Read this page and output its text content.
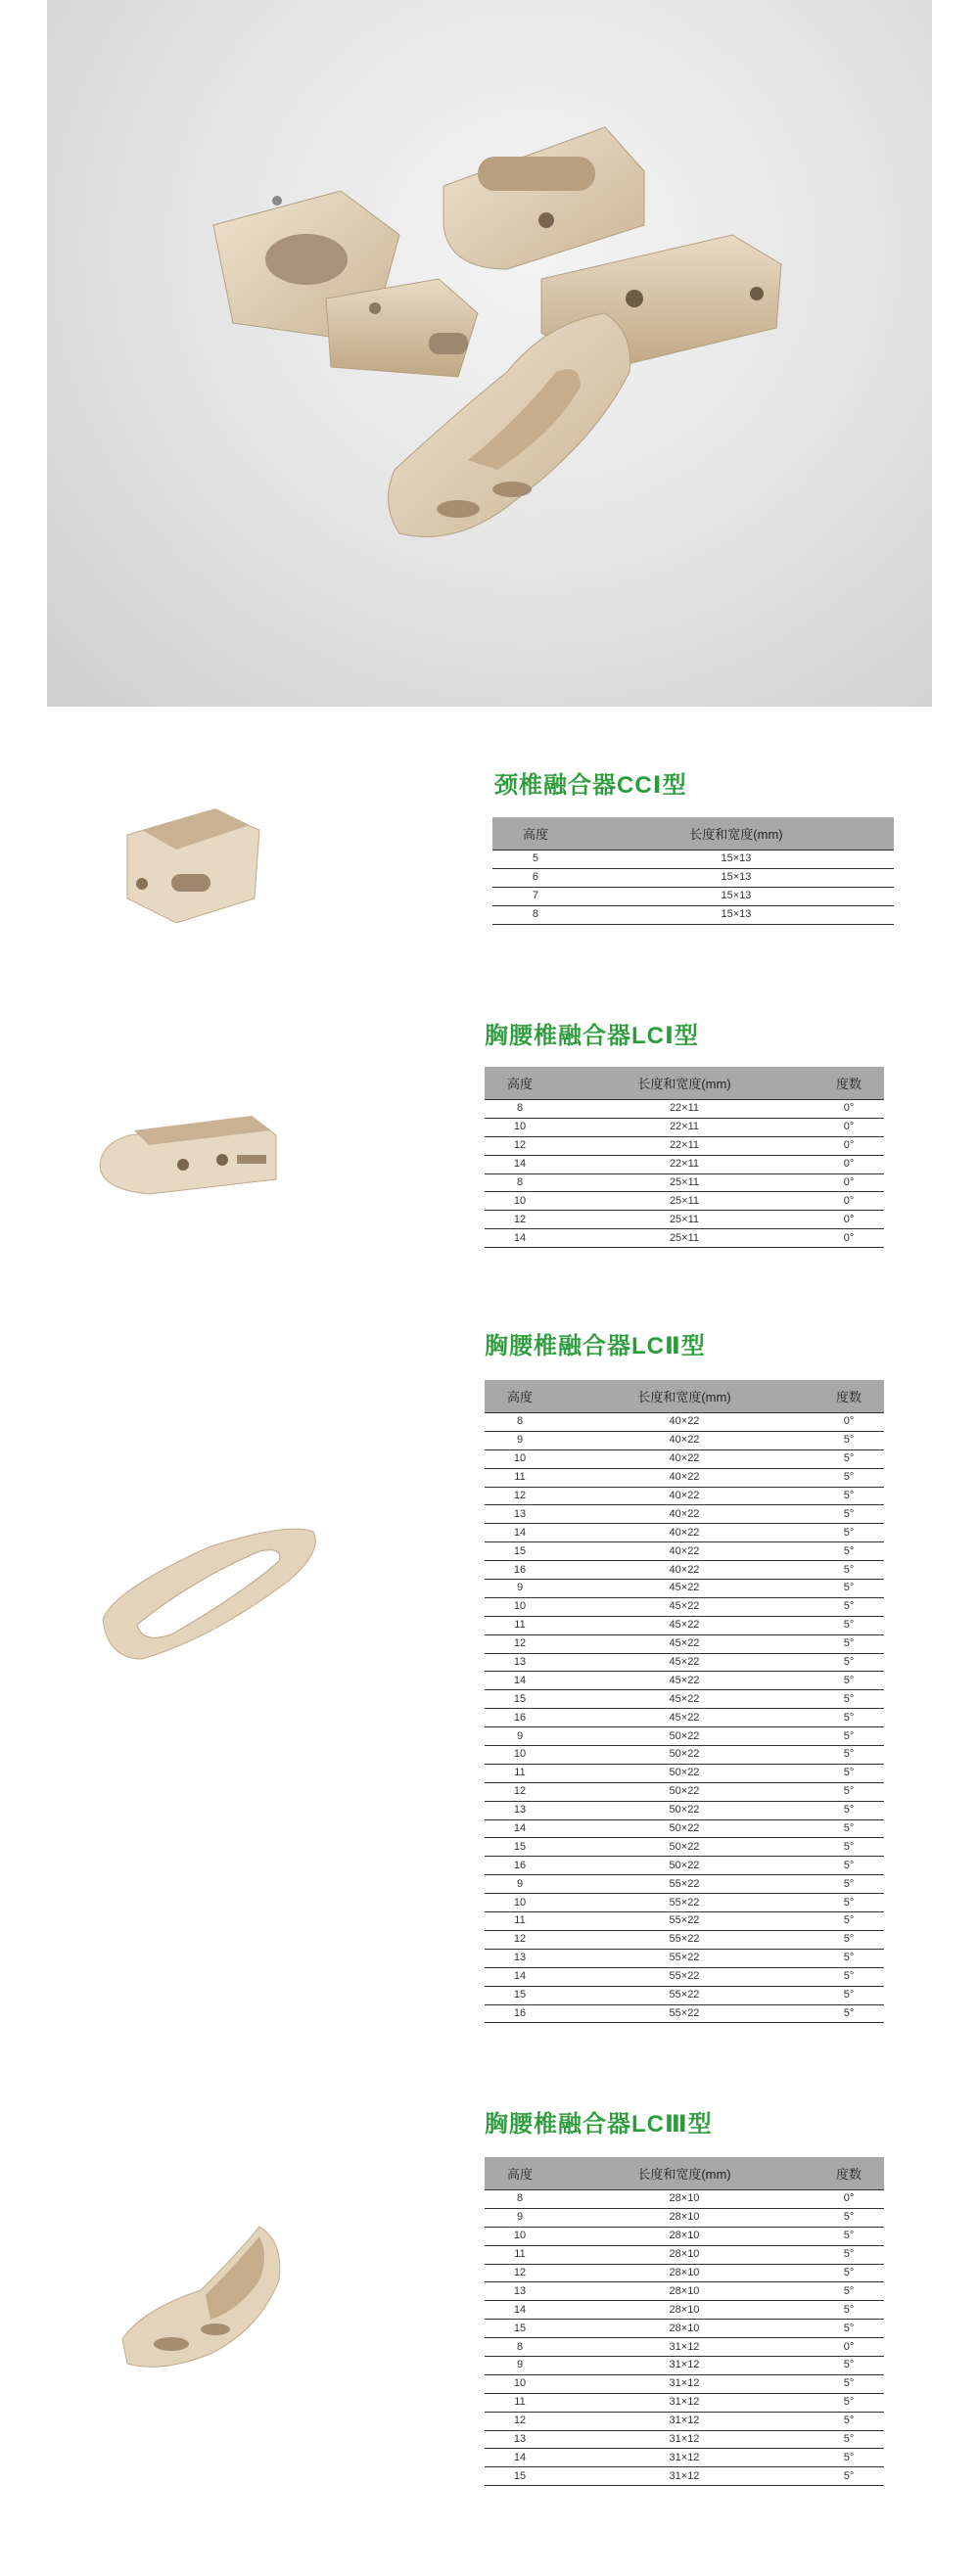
颈椎融合器CCⅠ型
高度	长度和宽度(mm)
5	15×13
6	15×13
7	15×13
8	15×13
胸腰椎融合器LCⅠ型
高度	长度和宽度(mm)	度数
8	22×11	0°
10	22×11	0°
12	22×11	0°
14	22×11	0°
8	25×11	0°
10	25×11	0°
12	25×11	0°
14	25×11	0°
胸腰椎融合器LCⅡ型
高度	长度和宽度(mm)	度数
8	40×22	0°
9	40×22	5°
10	40×22	5°
11	40×22	5°
12	40×22	5°
13	40×22	5°
14	40×22	5°
15	40×22	5°
16	40×22	5°
9	45×22	5°
10	45×22	5°
11	45×22	5°
12	45×22	5°
13	45×22	5°
14	45×22	5°
15	45×22	5°
16	45×22	5°
9	50×22	5°
10	50×22	5°
11	50×22	5°
12	50×22	5°
13	50×22	5°
14	50×22	5°
15	50×22	5°
16	50×22	5°
9	55×22	5°
10	55×22	5°
11	55×22	5°
12	55×22	5°
13	55×22	5°
14	55×22	5°
15	55×22	5°
16	55×22	5°
胸腰椎融合器LCⅢ型
高度	长度和宽度(mm)	度数
8	28×10	0°
9	28×10	5°
10	28×10	5°
11	28×10	5°
12	28×10	5°
13	28×10	5°
14	28×10	5°
15	28×10	5°
8	31×12	0°
9	31×12	5°
10	31×12	5°
11	31×12	5°
12	31×12	5°
13	31×12	5°
14	31×12	5°
15	31×12	5°
